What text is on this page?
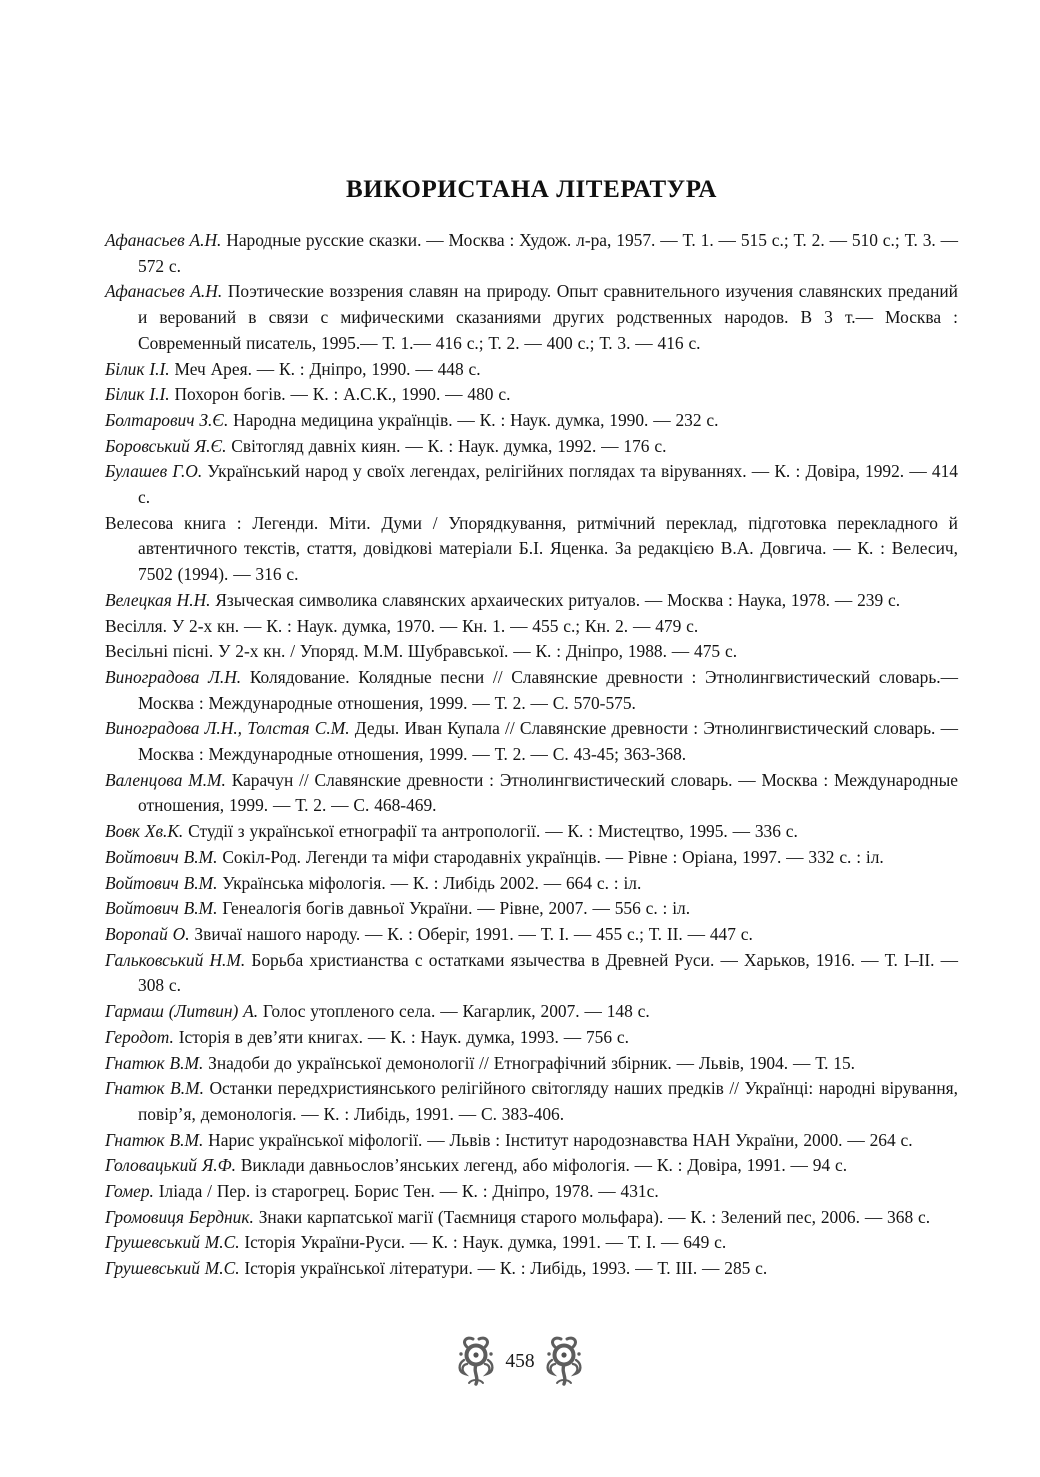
ВИКОРИСТАНА ЛІТЕРАТУРА

Афанасьев А.Н. Народные русские сказки. — Москва : Худож. л-ра, 1957. — Т. 1. — 515 с.; Т. 2. — 510 с.; Т. 3. — 572 с.

Афанасьев А.Н. Поэтические воззрения славян на природу. Опыт сравнительного изучения славянских преданий и верований в связи с мифическими сказаниями других родственных народов. В 3 т.— Москва : Современный писатель, 1995.— Т. 1.— 416 с.; Т. 2. — 400 с.; Т. 3. — 416 с.

Білик І.І. Меч Арея. — К. : Дніпро, 1990. — 448 с.

Білик І.І. Похорон богів. — К. : А.С.К., 1990. — 480 с.

Болтарович З.Є. Народна медицина українців. — К. : Наук. думка, 1990. — 232 с.

Боровський Я.Є. Світогляд давніх киян. — К. : Наук. думка, 1992. — 176 с.

Булашев Г.О. Український народ у своїх легендах, релігійних поглядах та віруваннях. — К. : Довіра, 1992. — 414 с.

Велесова книга : Легенди. Міти. Думи / Упорядкування, ритмічний переклад, підготовка перекладного й автентичного текстів, стаття, довідкові матеріали Б.І. Яценка. За редакцією В.А. Довгича. — К. : Велесич, 7502 (1994). — 316 с.

Велецкая Н.Н. Языческая символика славянских архаических ритуалов. — Москва : Наука, 1978. — 239 с.

Весілля. У 2-х кн. — К. : Наук. думка, 1970. — Кн. 1. — 455 с.; Кн. 2. — 479 с.

Весільні пісні. У 2-х кн. / Упоряд. М.М. Шубравської. — К. : Дніпро, 1988. — 475 с.

Виноградова Л.Н. Колядование. Колядные песни // Славянские древности : Этнолингвистический словарь.— Москва : Международные отношения, 1999. — Т. 2. — С. 570-575.

Виноградова Л.Н., Толстая С.М. Деды. Иван Купала // Славянские древности : Этнолингвистический словарь. — Москва : Международные отношения, 1999. — Т. 2. — С. 43-45; 363-368.

Валенцова М.М. Карачун // Славянские древности : Этнолингвистический словарь. — Москва : Международные отношения, 1999. — Т. 2. — С. 468-469.

Вовк Хв.К. Студії з української етнографії та антропології. — К. : Мистецтво, 1995. — 336 с.

Войтович В.М. Сокіл-Род. Легенди та міфи стародавніх українців. — Рівне : Оріана, 1997. — 332 с. : іл.

Войтович В.М. Українська міфологія. — К. : Либідь 2002. — 664 с. : іл.

Войтович В.М. Генеалогія богів давньої України. — Рівне, 2007. — 556 с. : іл.

Воропай О. Звичаї нашого народу. — К. : Оберіг, 1991. — Т. I. — 455 с.; Т. II. — 447 с.

Гальковський Н.М. Борьба христианства с остатками язычества в Древней Руси. — Харьков, 1916. — Т. I–II. — 308 с.

Гармаш (Литвин) А. Голос утопленого села. — Кагарлик, 2007. — 148 с.

Геродот. Історія в дев’яти книгах. — К. : Наук. думка, 1993. — 756 с.

Гнатюк В.М. Знадоби до української демонології // Етнографічний збірник. — Львів, 1904. — Т. 15.

Гнатюк В.М. Останки передхристиянського релігійного світогляду наших предків // Українці: народні вірування, повір’я, демонологія. — К. : Либідь, 1991. — С. 383-406.

Гнатюк В.М. Нарис української міфології. — Львів : Інститут народознавства НАН України, 2000. — 264 с.

Головацький Я.Ф. Виклади давньослов’янських легенд, або міфологія. — К. : Довіра, 1991. — 94 с.

Гомер. Іліада / Пер. із старогрец. Борис Тен. — К. : Дніпро, 1978. — 431с.

Громовиця Бердник. Знаки карпатської магії (Таємниця старого мольфара). — К. : Зелений пес, 2006. — 368 с.

Грушевський М.С. Історія України-Руси. — К. : Наук. думка, 1991. — Т. I. — 649 с.

Грушевський М.С. Історія української літератури. — К. : Либідь, 1993. — Т. III. — 285 с.

458
